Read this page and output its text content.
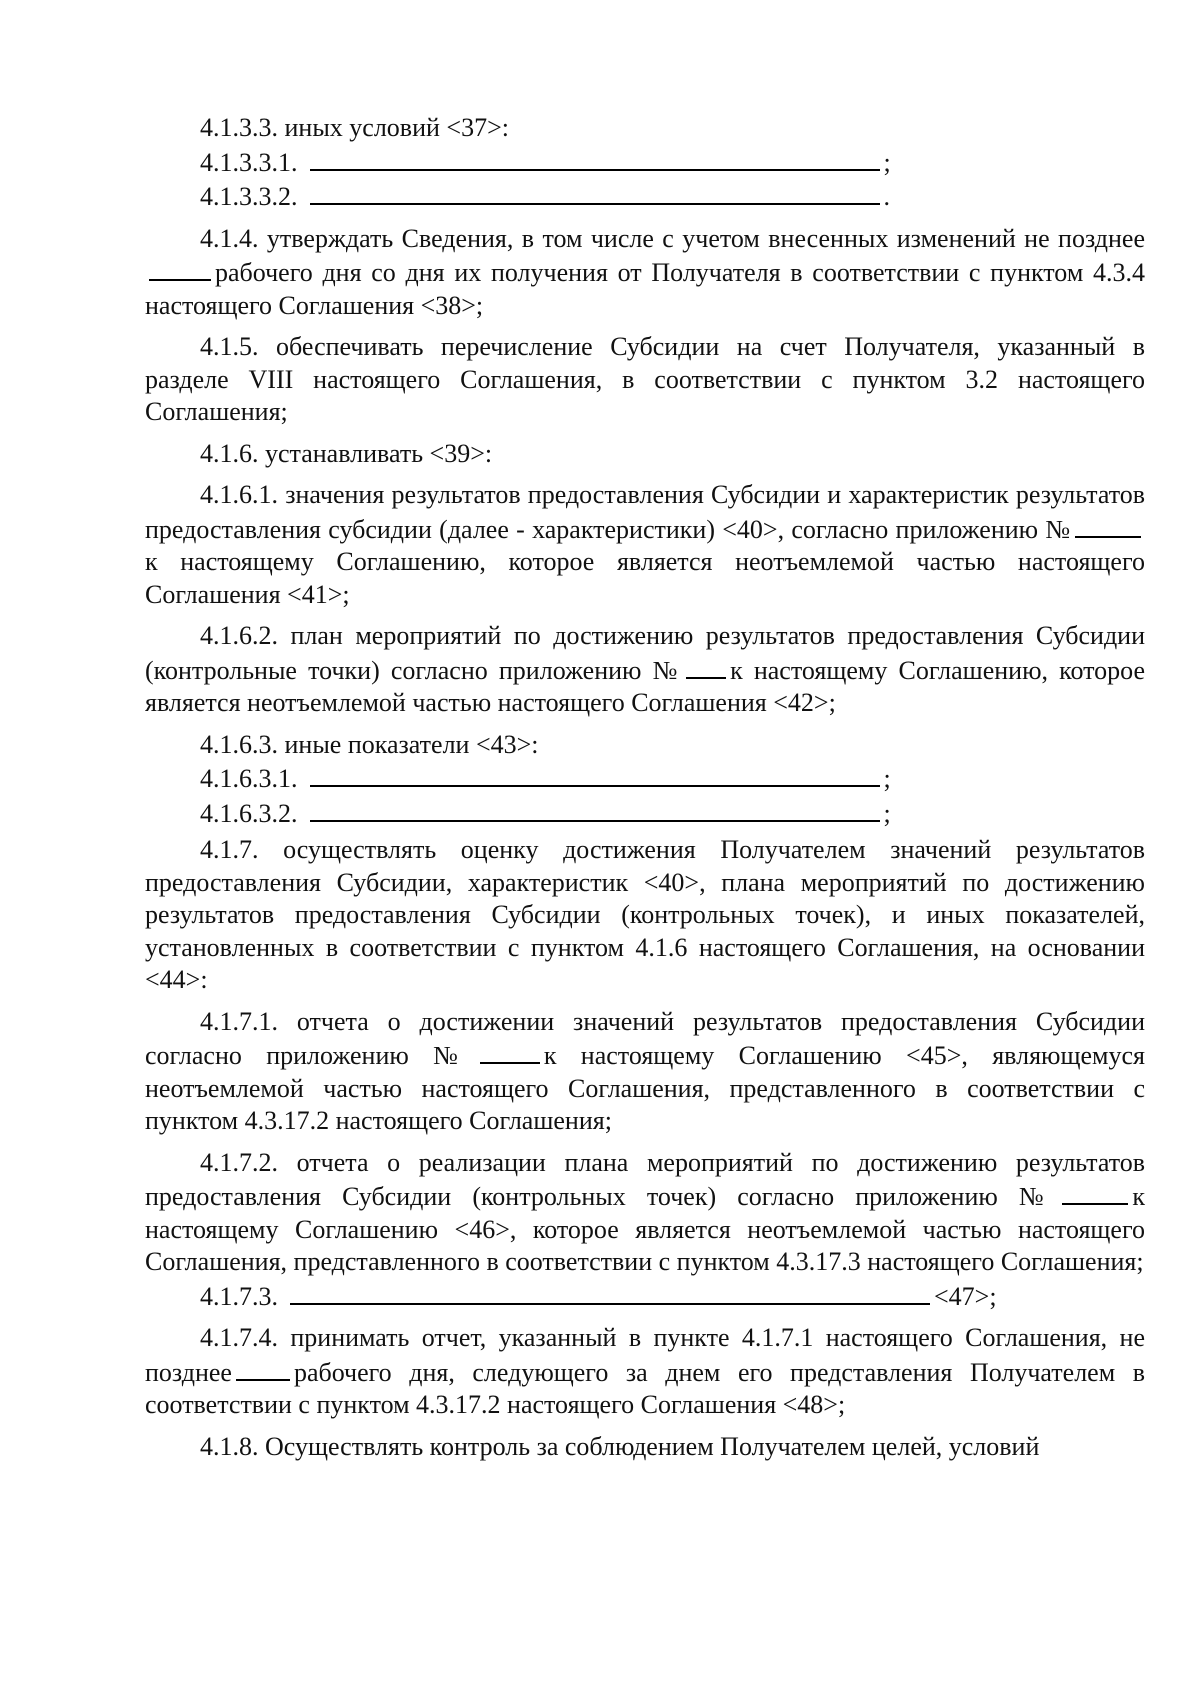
4.1.3.3. иных условий <37>:

4.1.3.3.1.	;

4.1.3.3.2.	.

4.1.4. утверждать Сведения, в том числе с учетом внесенных изменений не позднеерабочего дня со дня их получения от Получателя в соответствии с пунктом 4.3.4 настоящего Соглашения <38>;

4.1.5. обеспечивать перечисление Субсидии на счет Получателя, указанный в разделе VIII настоящего Соглашения, в соответствии с пунктом 3.2 настоящего Соглашения;

4.1.6. устанавливать <39>:

4.1.6.1. значения результатов предоставления Субсидии и характеристик результатов предоставления субсидии (далее - характеристики) <40>, согласно приложению №к настоящему Соглашению, которое является неотъемлемой частью настоящего Соглашения <41>;

4.1.6.2. план мероприятий по достижению результатов предоставления Субсидии (контрольные точки) согласно приложению № к настоящему Соглашению, которое является неотъемлемой частью настоящего Соглашения <42>;

4.1.6.3. иные показатели <43>:

4.1.6.3.1.	;

4.1.6.3.2.	;

4.1.7. осуществлять оценку достижения Получателем значений результатов предоставления Субсидии, характеристик <40>, плана мероприятий по достижению результатов предоставления Субсидии (контрольных точек), и иных показателей, установленных в соответствии с пунктом 4.1.6 настоящего Соглашения, на основании <44>:

4.1.7.1. отчета о достижении значений результатов предоставления Субсидии согласно приложению №	к настоящему Соглашению <45>, являющемуся неотъемлемой частью настоящего Соглашения, представленного в соответствии с пунктом 4.3.17.2 настоящего Соглашения;

4.1.7.2. отчета о реализации плана мероприятий по достижению результатов предоставления Субсидии (контрольных точек) согласно приложению №	к настоящему Соглашению <46>, которое является неотъемлемой частью настоящего Соглашения, представленного в соответствии с пунктом 4.3.17.3 настоящего Соглашения;

4.1.7.3.	<47>;

4.1.7.4. принимать отчет, указанный в пункте 4.1.7.1 настоящего Соглашения, не позднее рабочего дня, следующего за днем его представления Получателем в соответствии с пунктом 4.3.17.2 настоящего Соглашения <48>;

4.1.8. Осуществлять контроль за соблюдением Получателем целей, условий
